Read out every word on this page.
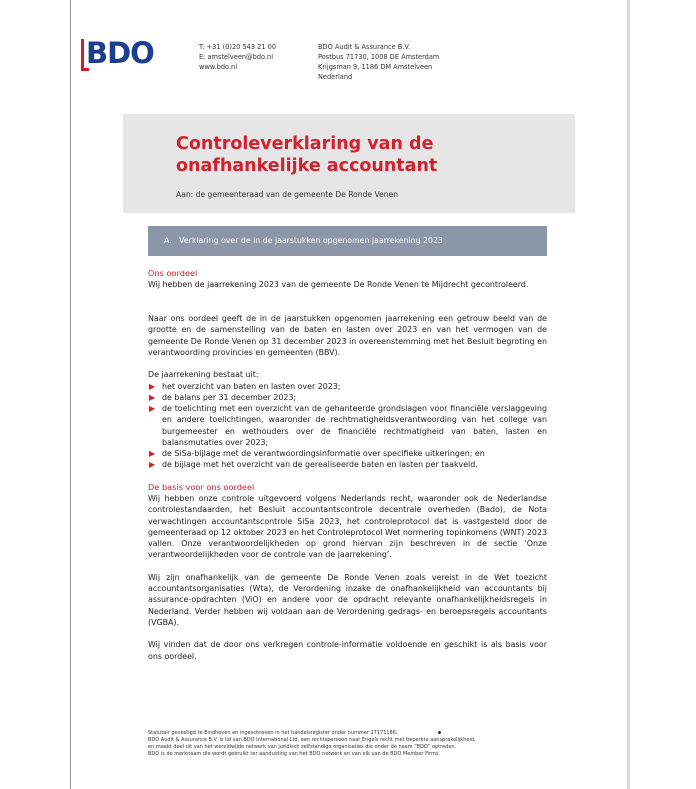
BDO	T: +31 (0)20 543 21 00
E: amstelveen@bdo.nl
www.bdo.nl
BDO Audit & Assurance B.V.
Postbus 71730, 1008 DE Amsterdam
Krijgsman 9, 1186 DM Amstelveen
Nederland
Controleverklaring van de onafhankelijke accountant
Aan: de gemeenteraad van de gemeente De Ronde Venen
A.   Verklaring over de in de jaarstukken opgenomen jaarrekening 2023
Ons oordeel

Wij hebben de jaarrekening 2023 van de gemeente De Ronde Venen te Mijdrecht gecontroleerd.

Naar ons oordeel geeft de in de jaarstukken opgenomen jaarrekening een getrouw beeld van de grootte en de samenstelling van de baten en lasten over 2023 en van het vermogen van de gemeente De Ronde Venen op 31 december 2023 in overeenstemming met het Besluit begroting en verantwoording provincies en gemeenten (BBV).

De jaarrekening bestaat uit:

▶ het overzicht van baten en lasten over 2023;
▶ de balans per 31 december 2023;
▶ de toelichting met een overzicht van de gehanteerde grondslagen voor financiële verslaggeving en andere toelichtingen, waaronder de rechtmatigheidsverantwoording van het college van burgemeester en wethouders over de financiële rechtmatigheid van baten, lasten en balansmutaties over 2023;
▶ de SiSa-bijlage met de verantwoordingsinformatie over specifieke uitkeringen; en
▶ de bijlage met het overzicht van de gerealiseerde baten en lasten per taakveld.
De basis voor ons oordeel

Wij hebben onze controle uitgevoerd volgens Nederlands recht, waaronder ook de Nederlandse controlestandaarden, het Besluit accountantscontrole decentrale overheden (Bado), de Nota verwachtingen accountantscontrole SiSa 2023, het controleprotocol dat is vastgesteld door de gemeenteraad op 12 oktober 2023 en het Controleprotocol Wet normering topinkomens (WNT) 2023 vallen. Onze verantwoordelijkheden op grond hiervan zijn beschreven in de sectie ‘Onze verantwoordelijkheden voor de controle van de jaarrekening’.

Wij zijn onafhankelijk van de gemeente De Ronde Venen zoals vereist in de Wet toezicht accountantsorganisaties (Wta), de Verordening inzake de onafhankelijkheid van accountants bij assurance-opdrachten (ViO) en andere voor de opdracht relevante onafhankelijkheidsregels in Nederland. Verder hebben wij voldaan aan de Verordening gedrags- en beroepsregels accountants (VGBA).

Wij vinden dat de door ons verkregen controle-informatie voldoende en geschikt is als basis voor ons oordeel.

Statutair gevestigd te Eindhoven en ingeschreven in het handelsregister onder nummer 17171186.
BDO Audit & Assurance B.V. is lid van BDO International Ltd, een rechtspersoon naar Engels recht met beperkte aansprakelijkheid,
en maakt deel uit van het wereldwijde netwerk van juridisch zelfstandige organisaties die onder de naam “BDO” optreden.
BDO is de merknaam die wordt gebruikt ter aanduiding van het BDO netwerk en van elk van de BDO Member Firms.
